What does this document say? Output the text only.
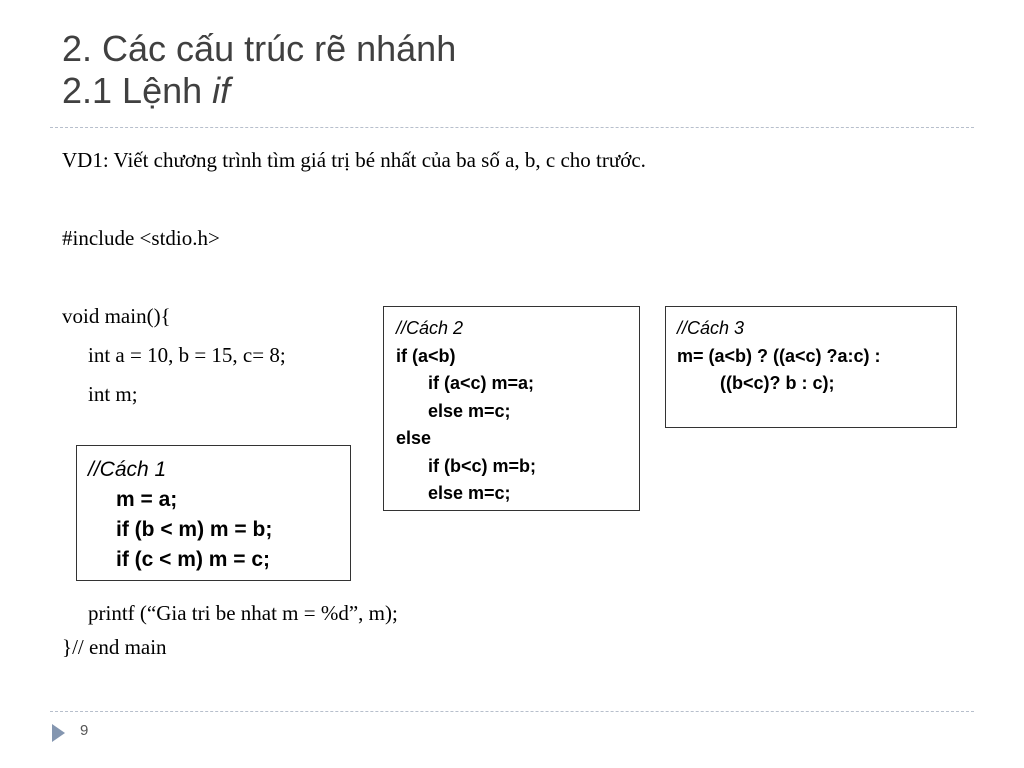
2. Các cấu trúc rẽ nhánh
2.1 Lệnh if
VD1: Viết chương trình tìm giá trị bé nhất của ba số a, b, c cho trước.
#include <stdio.h>
void main(){
int a = 10, b = 15, c= 8;
int m;
printf (“Gia tri be nhat m = %d”, m);
}// end main
//Cách 1
m = a;
if (b < m) m = b;
if (c < m) m = c;
//Cách 2
if (a<b)
if (a<c) m=a;
else m=c;
else
if (b<c) m=b;
else m=c;
//Cách 3
m= (a<b) ? ((a<c) ?a:c) :
((b<c)? b : c);
9
